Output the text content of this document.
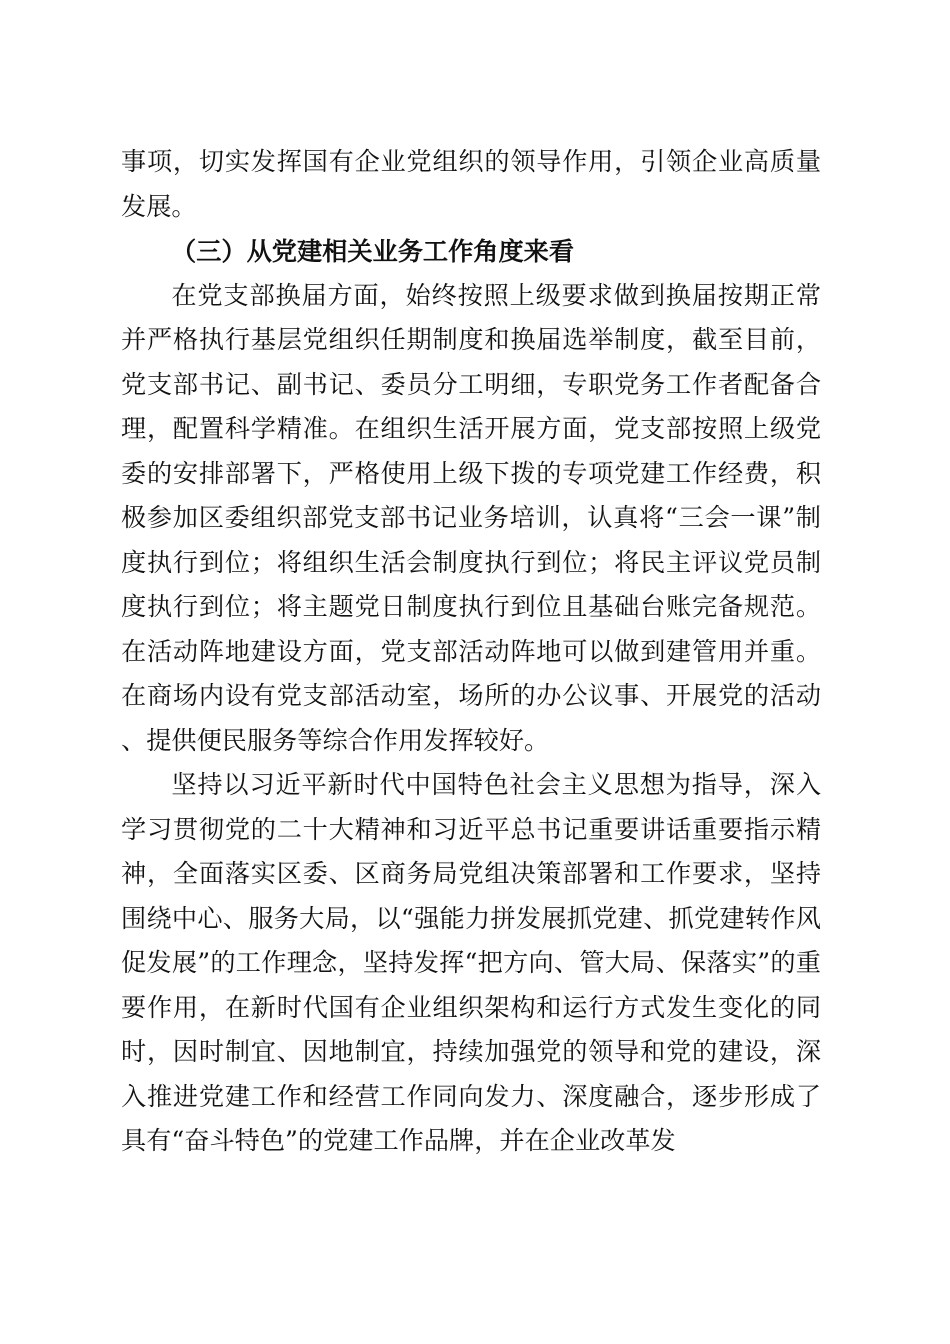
事项，切实发挥国有企业党组织的领导作用，引领企业高质量发展。

（三）从党建相关业务工作角度来看

在党支部换届方面，始终按照上级要求做到换届按期正常并严格执行基层党组织任期制度和换届选举制度，截至目前，党支部书记、副书记、委员分工明细，专职党务工作者配备合理，配置科学精准。在组织生活开展方面，党支部按照上级党委的安排部署下，严格使用上级下拨的专项党建工作经费，积极参加区委组织部党支部书记业务培训，认真将“三会一课”制度执行到位；将组织生活会制度执行到位；将民主评议党员制度执行到位；将主题党日制度执行到位且基础台账完备规范。在活动阵地建设方面，党支部活动阵地可以做到建管用并重。在商场内设有党支部活动室，场所的办公议事、开展党的活动、提供便民服务等综合作用发挥较好。

坚持以习近平新时代中国特色社会主义思想为指导，深入学习贯彻党的二十大精神和习近平总书记重要讲话重要指示精神，全面落实区委、区商务局党组决策部署和工作要求，坚持围绕中心、服务大局，以“强能力拼发展抓党建、抓党建转作风促发展”的工作理念，坚持发挥“把方向、管大局、保落实”的重要作用，在新时代国有企业组织架构和运行方式发生变化的同时，因时制宜、因地制宜，持续加强党的领导和党的建设，深入推进党建工作和经营工作同向发力、深度融合，逐步形成了具有“奋斗特色”的党建工作品牌，并在企业改革发
